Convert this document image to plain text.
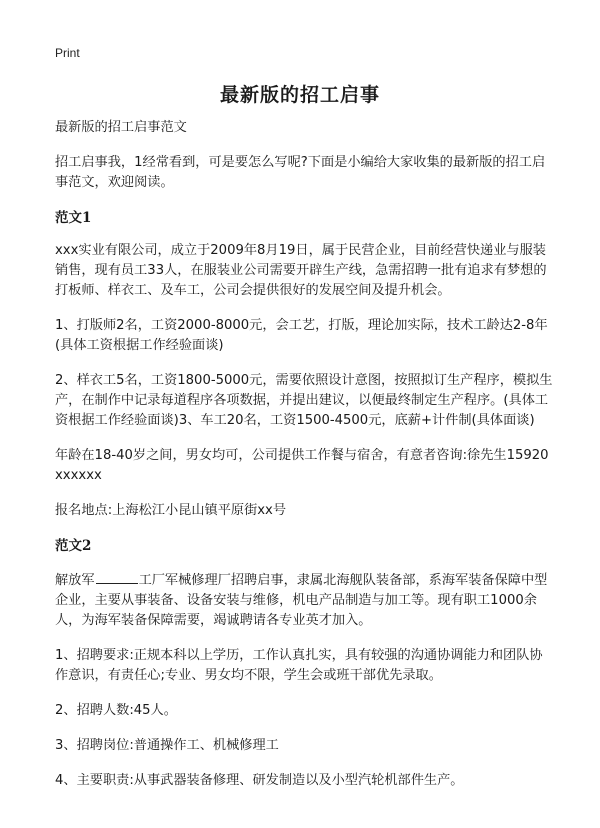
Print
最新版的招工启事

最新版的招工启事范文

招工启事我，1经常看到，可是要怎么写呢?下面是小编给大家收集的最新版的招工启事范文，欢迎阅读。

范文1

xxx实业有限公司，成立于2009年8月19日，属于民营企业，目前经营快递业与服装销售，现有员工33人，在服装业公司需要开辟生产线，急需招聘一批有追求有梦想的打板师、样衣工、及车工，公司会提供很好的发展空间及提升机会。

1、打版师2名，工资2000-8000元，会工艺，打版，理论加实际，技术工龄达2-8年(具体工资根据工作经验面谈)

2、样衣工5名，工资1800-5000元，需要依照设计意图，按照拟订生产程序，模拟生产，在制作中记录每道程序各项数据，并提出建议，以便最终制定生产程序。(具体工资根据工作经验面谈)3、车工20名，工资1500-4500元，底薪+计件制(具体面谈)

年龄在18-40岁之间，男女均可，公司提供工作餐与宿舍，有意者咨询:徐先生15920xxxxxx

报名地点:上海松江小昆山镇平原街xx号

范文2

解放军	工厂军械修理厂招聘启事，隶属北海舰队装备部，系海军装备保障中型企业，主要从事装备、设备安装与维修，机电产品制造与加工等。现有职工1000余人，为海军装备保障需要，竭诚聘请各专业英才加入。

1、招聘要求:正规本科以上学历，工作认真扎实，具有较强的沟通协调能力和团队协作意识，有责任心;专业、男女均不限，学生会或班干部优先录取。

2、招聘人数:45人。

3、招聘岗位:普通操作工、机械修理工

4、主要职责:从事武器装备修理、研发制造以及小型汽轮机部件生产。
